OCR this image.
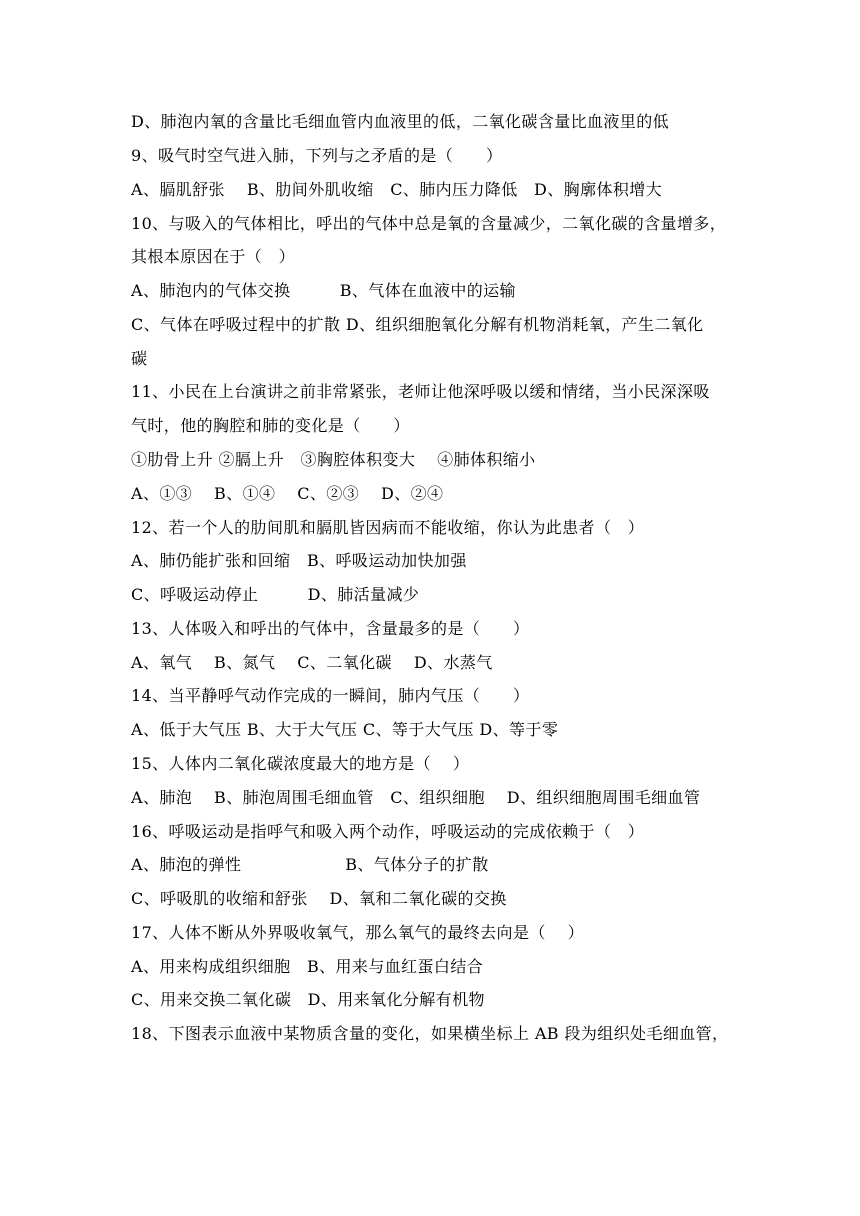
D、肺泡内氧的含量比毛细血管内血液里的低，二氧化碳含量比血液里的低
9、吸气时空气进入肺，下列与之矛盾的是（　　）
A、膈肌舒张　 B、肋间外肌收缩　C、肺内压力降低　D、胸廓体积增大
10、与吸入的气体相比，呼出的气体中总是氧的含量减少，二氧化碳的含量增多，
其根本原因在于（　）
A、肺泡内的气体交换　　　B、气体在血液中的运输
C、气体在呼吸过程中的扩散 D、组织细胞氧化分解有机物消耗氧，产生二氧化
碳
11、小民在上台演讲之前非常紧张，老师让他深呼吸以缓和情绪，当小民深深吸
气时，他的胸腔和肺的变化是（　　）
①肋骨上升 ②膈上升　③胸腔体积变大　 ④肺体积缩小
A、①③　 B、①④　 C、②③　 D、②④
12、若一个人的肋间肌和膈肌皆因病而不能收缩，你认为此患者（　）
A、肺仍能扩张和回缩　B、呼吸运动加快加强
C、呼吸运动停止　　　D、肺活量减少
13、人体吸入和呼出的气体中，含量最多的是（　　）
A、氧气　 B、氮气　 C、二氧化碳　 D、水蒸气
14、当平静呼气动作完成的一瞬间，肺内气压（　　）
A、低于大气压 B、大于大气压 C、等于大气压 D、等于零
15、人体内二氧化碳浓度最大的地方是（　 ）
A、肺泡　 B、肺泡周围毛细血管　C、组织细胞　 D、组织细胞周围毛细血管
16、呼吸运动是指呼气和吸入两个动作，呼吸运动的完成依赖于（　）
A、肺泡的弹性　　　　　　 B、气体分子的扩散
C、呼吸肌的收缩和舒张　 D、氧和二氧化碳的交换
17、人体不断从外界吸收氧气，那么氧气的最终去向是（　 ）
A、用来构成组织细胞　B、用来与血红蛋白结合
C、用来交换二氧化碳　D、用来氧化分解有机物
18、下图表示血液中某物质含量的变化，如果横坐标上 AB 段为组织处毛细血管，
